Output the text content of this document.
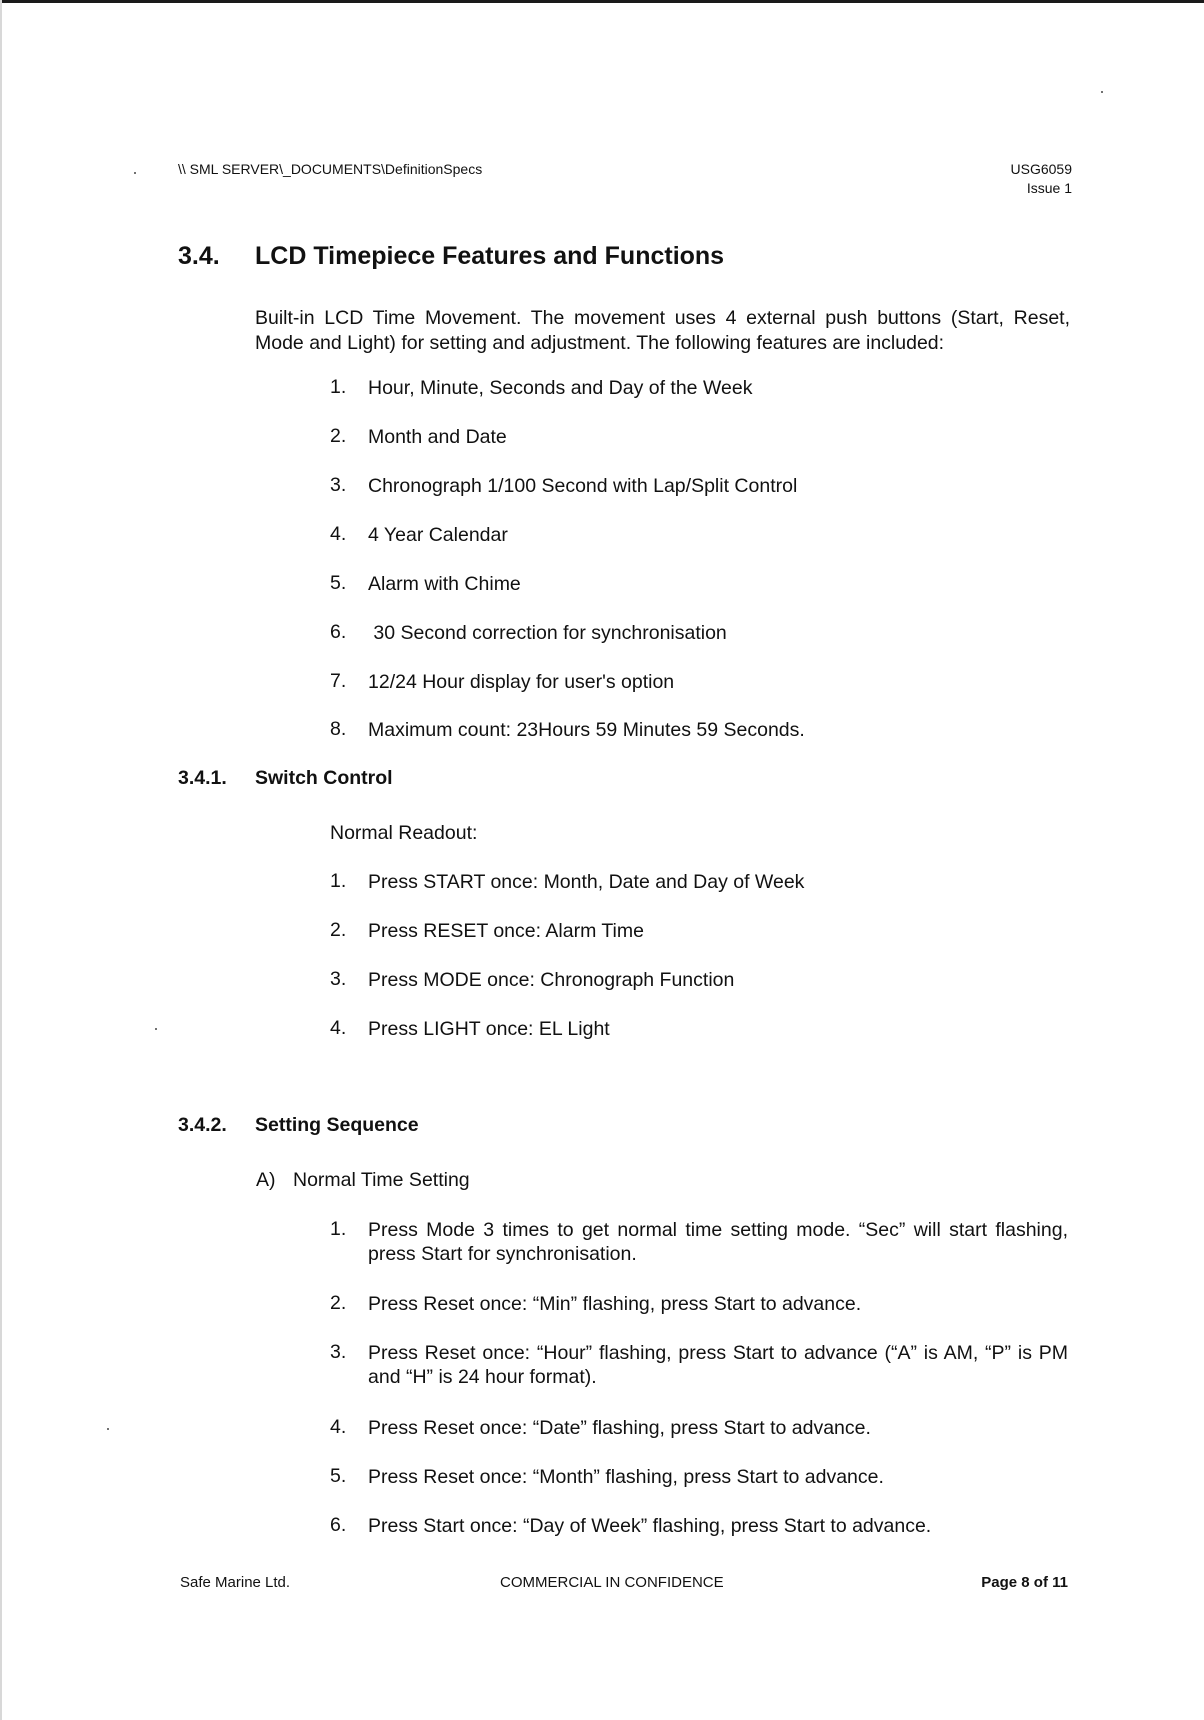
\\ SML SERVER\_DOCUMENTS\DefinitionSpecs	USG6059
Issue 1
3.4. LCD Timepiece Features and Functions
Built-in LCD Time Movement. The movement uses 4 external push buttons (Start, Reset, Mode and Light) for setting and adjustment. The following features are included:
1. Hour, Minute, Seconds and Day of the Week
2. Month and Date
3. Chronograph 1/100 Second with Lap/Split Control
4. 4 Year Calendar
5. Alarm with Chime
6. 30 Second correction for synchronisation
7. 12/24 Hour display for user's option
8. Maximum count: 23Hours 59 Minutes 59 Seconds.
3.4.1. Switch Control
Normal Readout:
1. Press START once: Month, Date and Day of Week
2. Press RESET once: Alarm Time
3. Press MODE once: Chronograph Function
4. Press LIGHT once: EL Light
3.4.2. Setting Sequence
A) Normal Time Setting
1. Press Mode 3 times to get normal time setting mode. “Sec” will start flashing, press Start for synchronisation.
2. Press Reset once: “Min” flashing, press Start to advance.
3. Press Reset once: “Hour” flashing, press Start to advance (“A” is AM, “P” is PM and “H” is 24 hour format).
4. Press Reset once: “Date” flashing, press Start to advance.
5. Press Reset once: “Month” flashing, press Start to advance.
6. Press Start once: “Day of Week” flashing, press Start to advance.
Safe Marine Ltd.	COMMERCIAL IN CONFIDENCE	Page 8 of 11
